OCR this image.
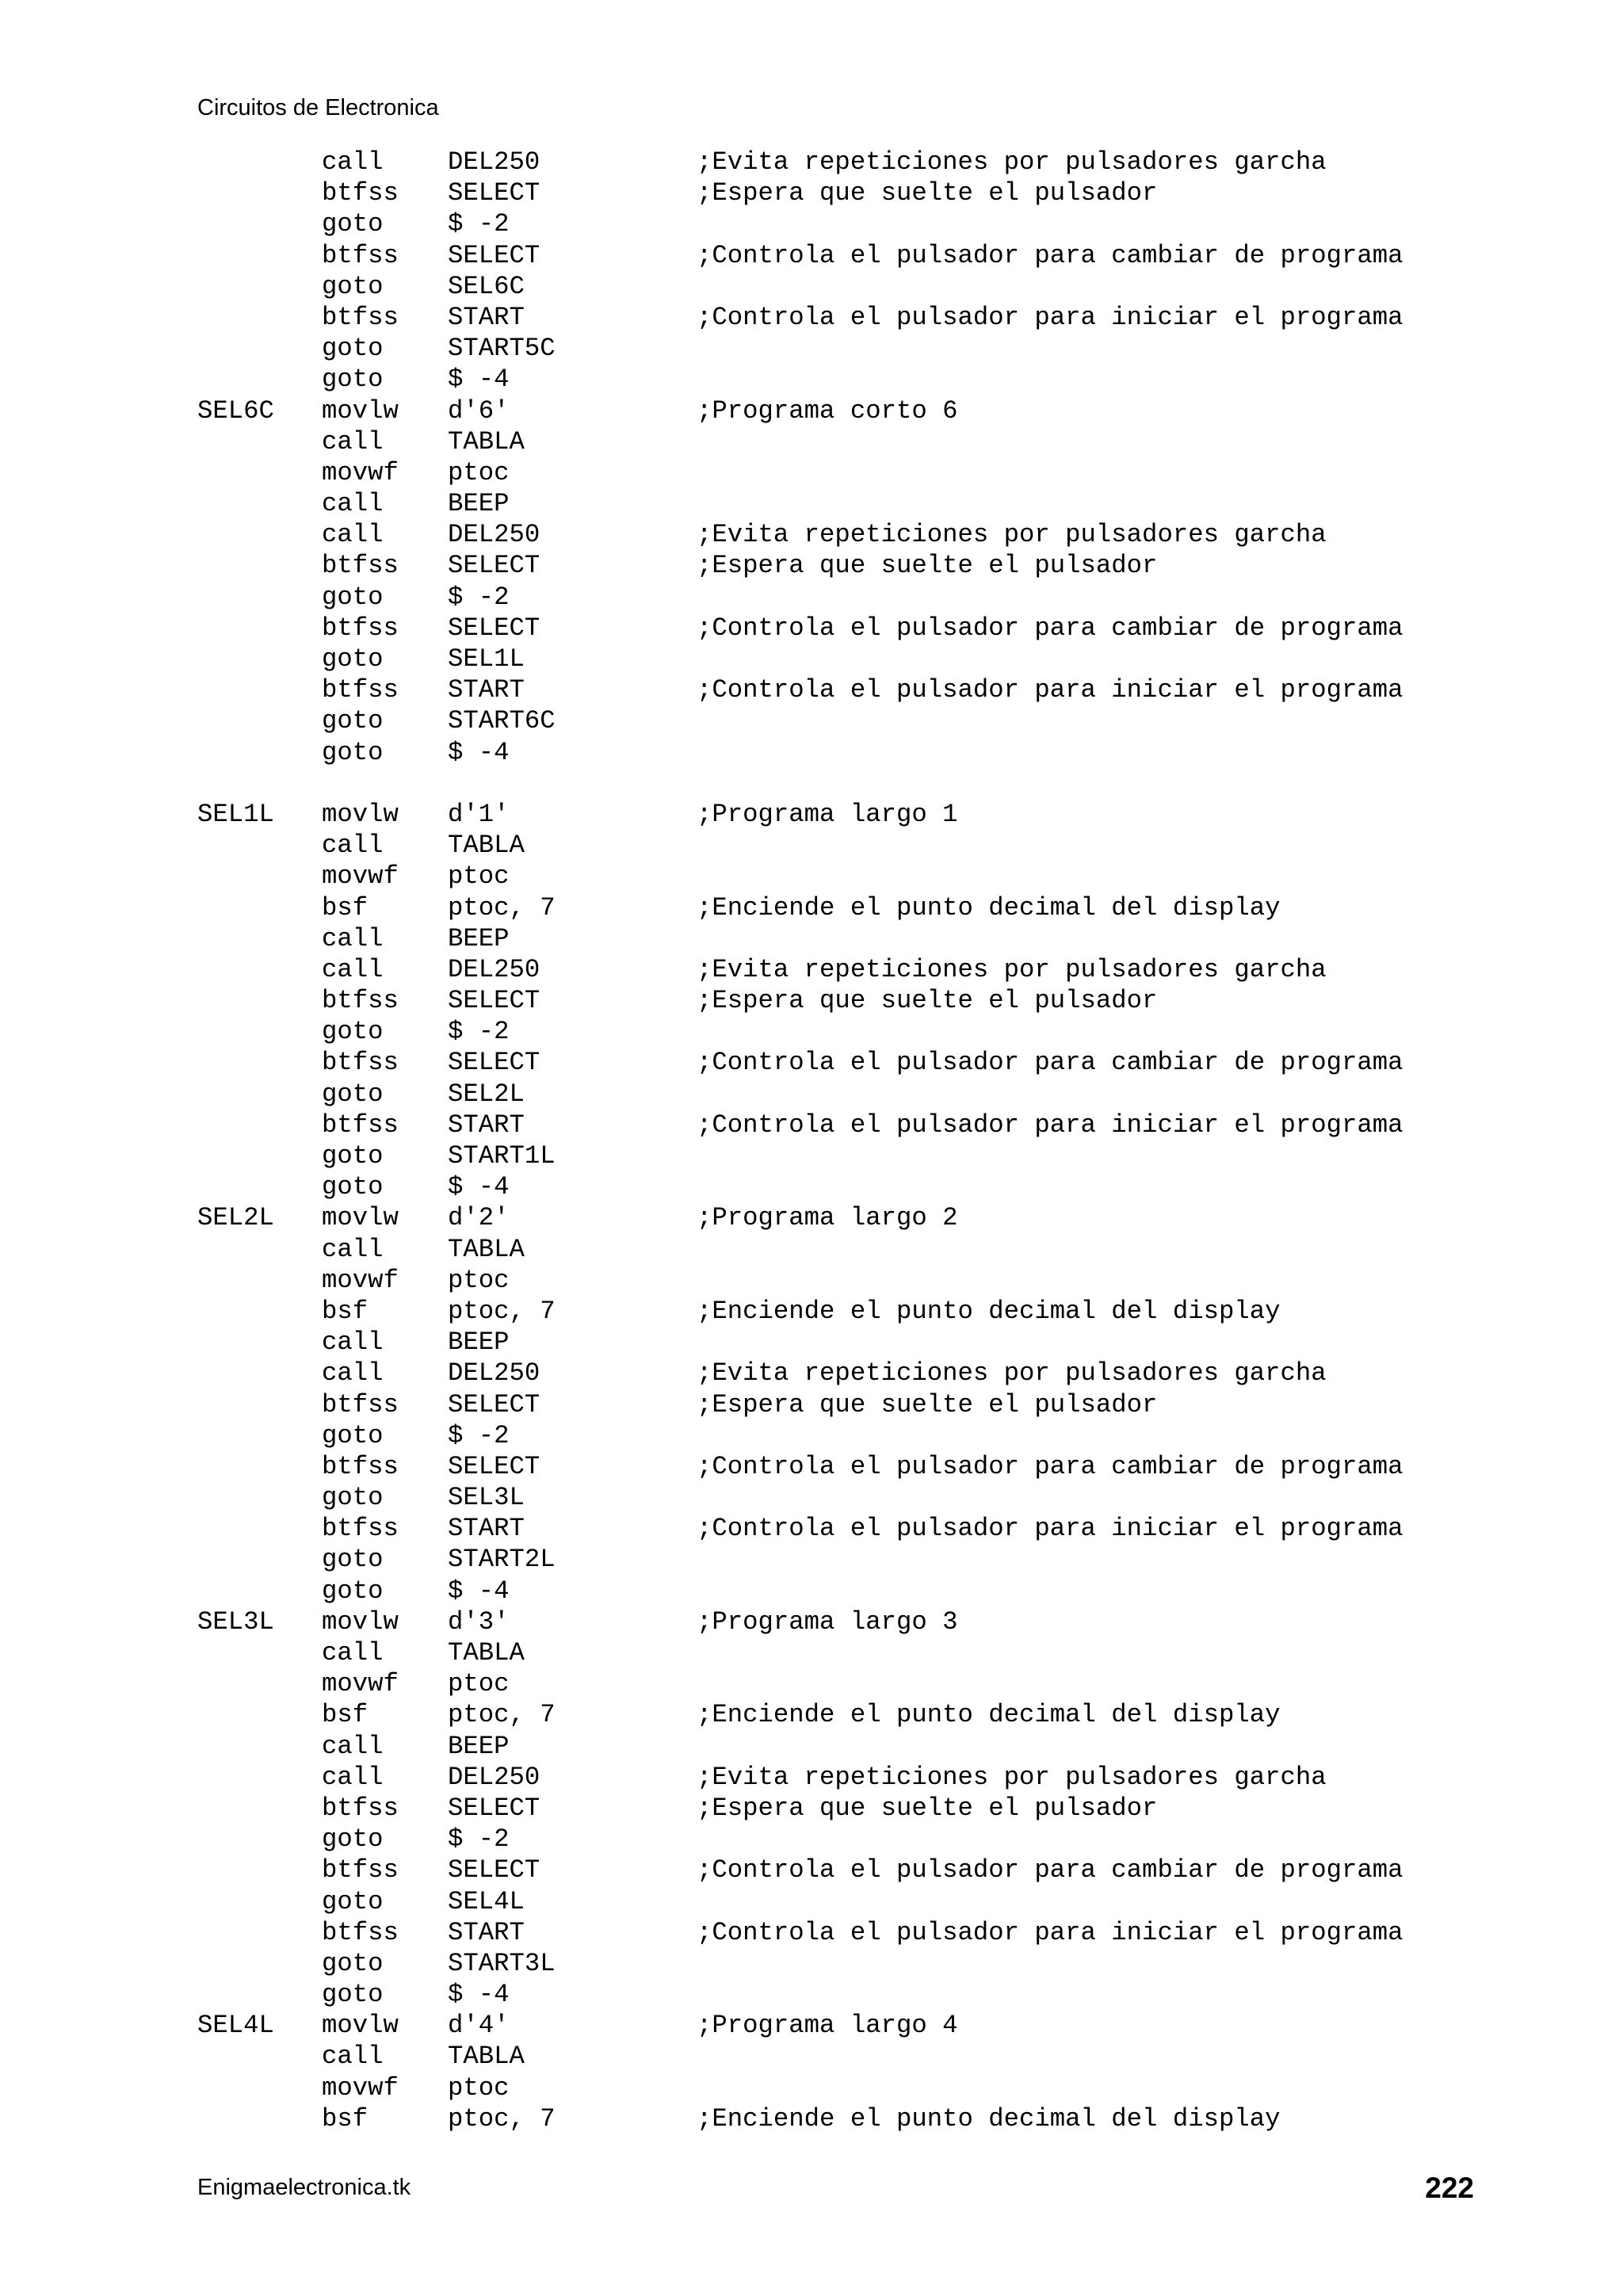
Circuitos de Electronica
call	DEL250	;Evita repeticiones por pulsadores garcha
btfss SELECT	;Espera que suelte el pulsador
goto	$ -2
btfss SELECT	;Controla el pulsador para cambiar de programa
goto	SEL6C
btfss START	;Controla el pulsador para iniciar el programa
goto	START5C
goto	$ -4
SEL6C movlw d'6'	;Programa corto 6
call	TABLA
movwf ptoc
call	BEEP
call	DEL250	;Evita repeticiones por pulsadores garcha
btfss SELECT	;Espera que suelte el pulsador
goto	$ -2
btfss SELECT	;Controla el pulsador para cambiar de programa
goto	SEL1L
btfss START	;Controla el pulsador para iniciar el programa
goto	START6C
goto	$ -4
SEL1L movlw d'1'	;Programa largo 1
call	TABLA
movwf ptoc
bsf	ptoc, 7	;Enciende el punto decimal del display
call	BEEP
call	DEL250	;Evita repeticiones por pulsadores garcha
btfss SELECT	;Espera que suelte el pulsador
goto	$ -2
btfss SELECT	;Controla el pulsador para cambiar de programa
goto	SEL2L
btfss START	;Controla el pulsador para iniciar el programa
goto	START1L
goto	$ -4
SEL2L movlw d'2'	;Programa largo 2
call	TABLA
movwf ptoc
bsf	ptoc, 7	;Enciende el punto decimal del display
call	BEEP
call	DEL250	;Evita repeticiones por pulsadores garcha
btfss SELECT	;Espera que suelte el pulsador
goto	$ -2
btfss SELECT	;Controla el pulsador para cambiar de programa
goto	SEL3L
btfss START	;Controla el pulsador para iniciar el programa
goto	START2L
goto	$ -4
SEL3L movlw d'3'	;Programa largo 3
call	TABLA
movwf ptoc
bsf	ptoc, 7	;Enciende el punto decimal del display
call	BEEP
call	DEL250	;Evita repeticiones por pulsadores garcha
btfss SELECT	;Espera que suelte el pulsador
goto	$ -2
btfss SELECT	;Controla el pulsador para cambiar de programa
goto	SEL4L
btfss START	;Controla el pulsador para iniciar el programa
goto	START3L
goto	$ -4
SEL4L movlw d'4'	;Programa largo 4
call	TABLA
movwf ptoc
bsf	ptoc, 7	;Enciende el punto decimal del display
Enigmaelectronica.tk	222
